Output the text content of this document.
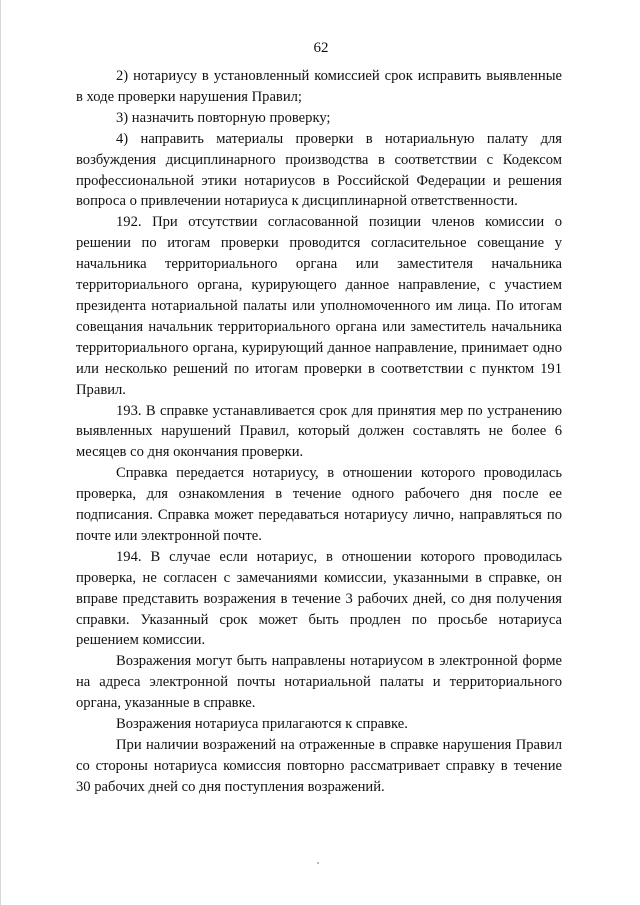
62

2) нотариусу в установленный комиссией срок исправить выявленные в ходе проверки нарушения Правил;

3) назначить повторную проверку;

4) направить материалы проверки в нотариальную палату для возбуждения дисциплинарного производства в соответствии с Кодексом профессиональной этики нотариусов в Российской Федерации и решения вопроса о привлечении нотариуса к дисциплинарной ответственности.

192. При отсутствии согласованной позиции членов комиссии о решении по итогам проверки проводится согласительное совещание у начальника территориального органа или заместителя начальника территориального органа, курирующего данное направление, с участием президента нотариальной палаты или уполномоченного им лица. По итогам совещания начальник территориального органа или заместитель начальника территориального органа, курирующий данное направление, принимает одно или несколько решений по итогам проверки в соответствии с пунктом 191 Правил.

193. В справке устанавливается срок для принятия мер по устранению выявленных нарушений Правил, который должен составлять не более 6 месяцев со дня окончания проверки.

Справка передается нотариусу, в отношении которого проводилась проверка, для ознакомления в течение одного рабочего дня после ее подписания. Справка может передаваться нотариусу лично, направляться по почте или электронной почте.

194. В случае если нотариус, в отношении которого проводилась проверка, не согласен с замечаниями комиссии, указанными в справке, он вправе представить возражения в течение 3 рабочих дней, со дня получения справки. Указанный срок может быть продлен по просьбе нотариуса решением комиссии.

Возражения могут быть направлены нотариусом в электронной форме на адреса электронной почты нотариальной палаты и территориального органа, указанные в справке.

Возражения нотариуса прилагаются к справке.

При наличии возражений на отраженные в справке нарушения Правил со стороны нотариуса комиссия повторно рассматривает справку в течение 30 рабочих дней со дня поступления возражений.
